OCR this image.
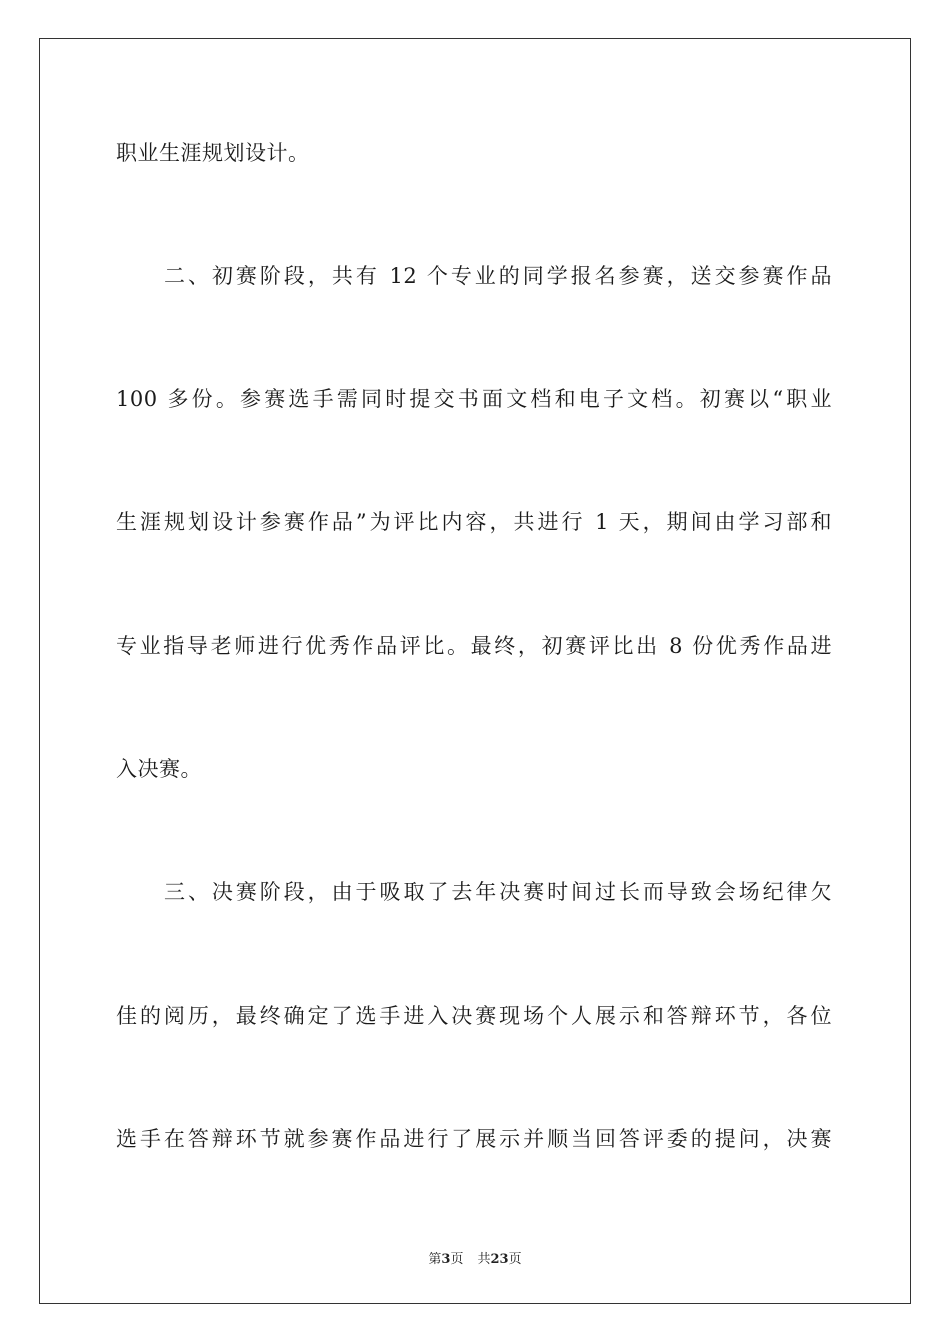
职业生涯规划设计。
二、初赛阶段，共有 12 个专业的同学报名参赛，送交参赛作品
100 多份。参赛选手需同时提交书面文档和电子文档。初赛以“职业
生涯规划设计参赛作品”为评比内容，共进行 1 天，期间由学习部和
专业指导老师进行优秀作品评比。最终，初赛评比出 8 份优秀作品进
入决赛。
三、决赛阶段，由于吸取了去年决赛时间过长而导致会场纪律欠
佳的阅历，最终确定了选手进入决赛现场个人展示和答辩环节，各位
选手在答辩环节就参赛作品进行了展示并顺当回答评委的提问，决赛
第3页 共23页
